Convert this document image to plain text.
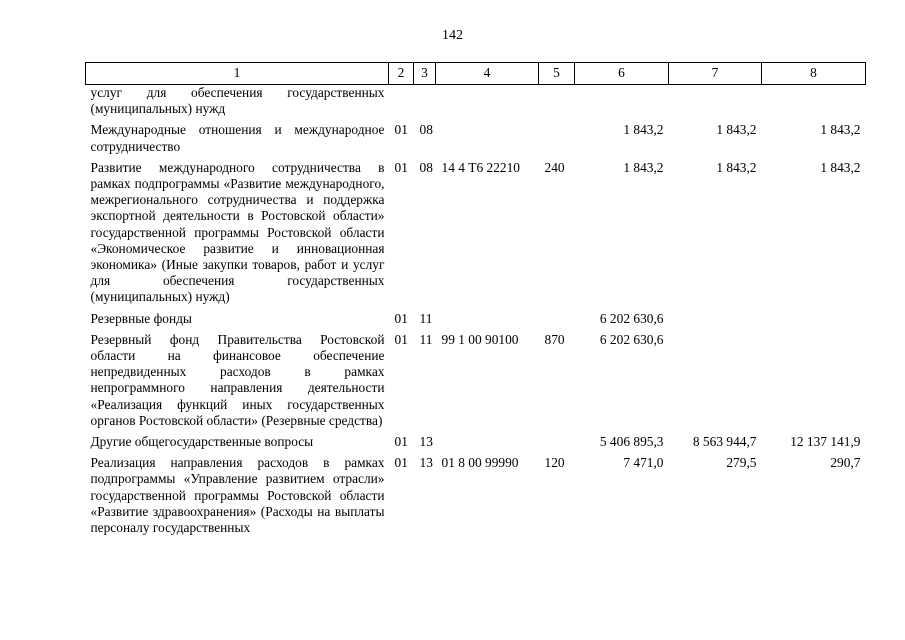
142
1	2	3	4	5	6	7	8
услуг для обеспечения государственных (муниципальных) нужд							
Международные отношения и международное сотрудничество	01	08			1 843,2	1 843,2	1 843,2
Развитие международного сотрудничества в рамках подпрограммы «Развитие международного, межрегионального сотрудничества и поддержка экспортной деятельности в Ростовской области» государственной программы Ростовской области «Экономическое развитие и инновационная экономика» (Иные закупки товаров, работ и услуг для обеспечения государственных (муниципальных) нужд)	01	08	14 4 Т6 22210	240	1 843,2	1 843,2	1 843,2
Резервные фонды	01	11			6 202 630,6		
Резервный фонд Правительства Ростовской области на финансовое обеспечение непредвиденных расходов в рамках непрограммного направления деятельности «Реализация функций иных государственных органов Ростовской области» (Резервные средства)	01	11	99 1 00 90100	870	6 202 630,6		
Другие общегосударственные вопросы	01	13			5 406 895,3	8 563 944,7	12 137 141,9
Реализация направления расходов в рамках подпрограммы «Управление развитием отрасли» государственной программы Ростовской области «Развитие здравоохранения» (Расходы на выплаты персоналу государственных	01	13	01 8 00 99990	120	7 471,0	279,5	290,7
